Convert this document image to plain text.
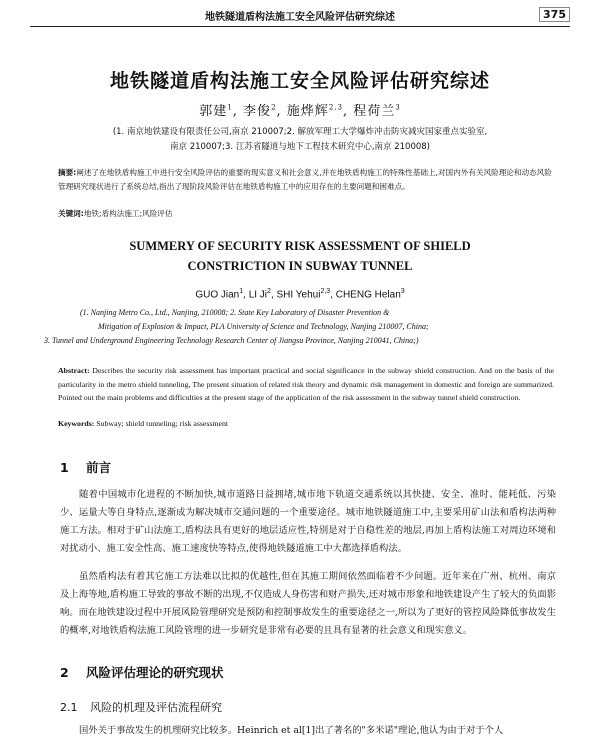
地铁隧道盾构法施工安全风险评估研究综述	375
地铁隧道盾构法施工安全风险评估研究综述
郭建$^1$, 李俊$^2$, 施烨辉$^{2,3}$, 程荷兰$^3$
(1. 南京地铁建设有限责任公司,南京 210007;2. 解放军理工大学爆炸冲击防灾减灾国家重点实验室,
南京 210007;3. 江苏省隧道与地下工程技术研究中心,南京 210008)
摘要:阐述了在地铁盾构施工中进行安全风险评估的重要的现实意义和社会意义,并在地铁盾构施工的特殊性基础上,对国内外有关风险理论和动态风险管理研究现状进行了系统总结,指出了现阶段风险评估在地铁盾构施工中的应用存在的主要问题和困难点。
关键词:地铁;盾构法施工;风险评估
SUMMERY OF SECURITY RISK ASSESSMENT OF SHIELD
CONSTRICTION IN SUBWAY TUNNEL
GUO Jian$^1$, LI Ji$^2$, SHI Yehui$^{2,3}$, CHENG Helan$^3$
(1. Nanjing Metro Co., Ltd., Nanjing, 210008; 2. State Key Laboratory of Disaster Prevention &
Mitigation of Explosion & Impact, PLA University of Science and Technology, Nanjing 210007, China;
3. Tunnel and Underground Engineering Technology Research Center of Jiangsu Province, Nanjing 210041, China;)
Abstract: Describes the security risk assessment has important practical and social significance in the subway shield construction. And on the basis of the particularity in the metro shield tunneling, The present situation of related risk theory and dynamic risk management in domestic and foreign are summarized. Pointed out the main problems and difficulties at the present stage of the application of the risk assessment in the subway tunnel shield construction.
Keywords: Subway; shield tunneling; risk assessment
1 前言
随着中国城市化进程的不断加快,城市道路日益拥堵,城市地下轨道交通系统以其快捷、安全、准时、能耗低、污染少、运量大等自身特点,逐渐成为解决城市交通问题的一个重要途径。城市地铁隧道施工中,主要采用矿山法和盾构法两种施工方法。相对于矿山法施工,盾构法具有更好的地层适应性,特别是对于自稳性差的地层,再加上盾构法施工对周边环境和对扰动小、施工安全性高、施工速度快等特点,使得地铁隧道施工中大都选择盾构法。
虽然盾构法有着其它施工方法难以比拟的优越性,但在其施工期间依然面临着不少问题。近年来在广州、杭州、南京及上海等地,盾构施工导致的事故不断的出现,不仅造成人身伤害和财产损失,还对城市形象和地铁建设产生了较大的负面影响。而在地铁建设过程中开展风险管理研究是预防和控制事故发生的重要途径之一,所以为了更好的管控风险降低事故发生的概率,对地铁盾构法施工风险管理的进一步研究是非常有必要的且具有显著的社会意义和现实意义。
2 风险评估理论的研究现状
2.1 风险的机理及评估流程研究
国外关于事故发生的机理研究比较多。Heinrich et al[1]出了著名的"多米诺"理论,他认为由于对于个人
